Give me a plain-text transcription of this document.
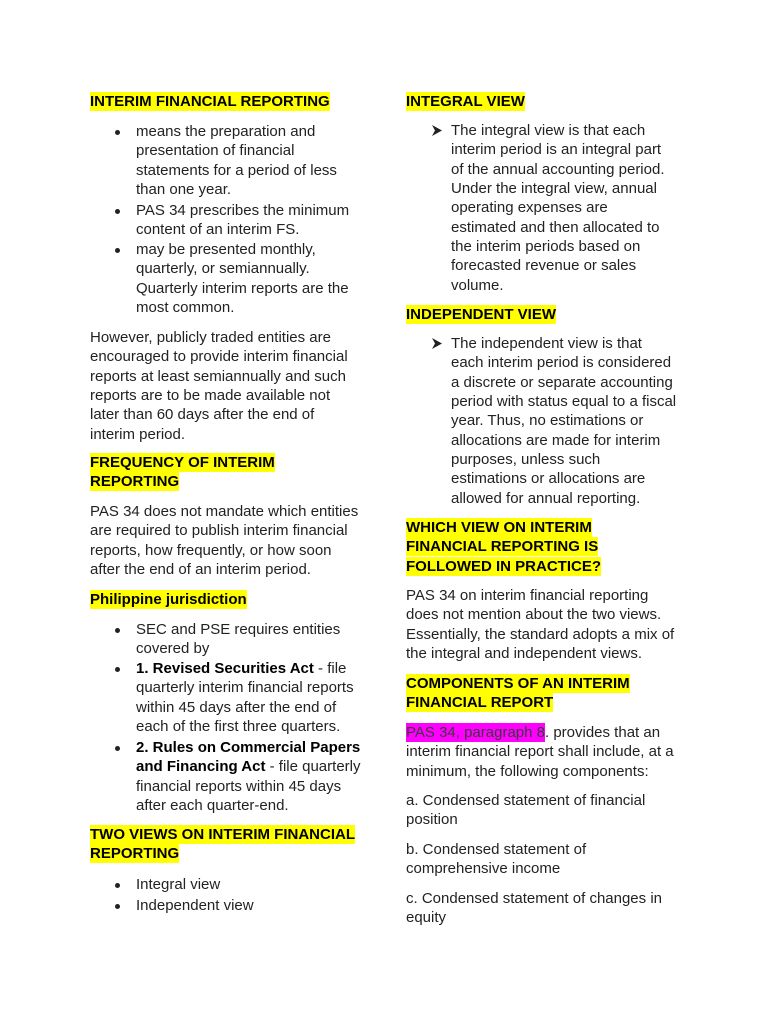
INTERIM FINANCIAL REPORTING
means the preparation and
presentation of financial
statements for a period of less
than one year.
PAS 34 prescribes the minimum
content of an interim FS.
may be presented monthly,
quarterly, or semiannually.
Quarterly interim reports are the
most common.
However, publicly traded entities are
encouraged to provide interim financial
reports at least semiannually and such
reports are to be made available not
later than 60 days after the end of
interim period.
FREQUENCY OF INTERIM
REPORTING
PAS 34 does not mandate which entities
are required to publish interim financial
reports, how frequently, or how soon
after the end of an interim period.
Philippine jurisdiction
SEC and PSE requires entities
covered by
1. Revised Securities Act - file
quarterly interim financial reports
within 45 days after the end of
each of the first three quarters.
2. Rules on Commercial Papers
and Financing Act - file quarterly
financial reports within 45 days
after each quarter-end.
TWO VIEWS ON INTERIM FINANCIAL
REPORTING
Integral view
Independent view
INTEGRAL VIEW
The integral view is that each
interim period is an integral part
of the annual accounting period.
Under the integral view, annual
operating expenses are
estimated and then allocated to
the interim periods based on
forecasted revenue or sales
volume.
INDEPENDENT VIEW
The independent view is that
each interim period is considered
a discrete or separate accounting
period with status equal to a fiscal
year. Thus, no estimations or
allocations are made for interim
purposes, unless such
estimations or allocations are
allowed for annual reporting.
WHICH VIEW ON INTERIM
FINANCIAL REPORTING IS
FOLLOWED IN PRACTICE?
PAS 34 on interim financial reporting
does not mention about the two views.
Essentially, the standard adopts a mix of
the integral and independent views.
COMPONENTS OF AN INTERIM
FINANCIAL REPORT
PAS 34, paragraph 8. provides that an
interim financial report shall include, at a
minimum, the following components:
a. Condensed statement of financial
position
b. Condensed statement of
comprehensive income
c. Condensed statement of changes in
equity
